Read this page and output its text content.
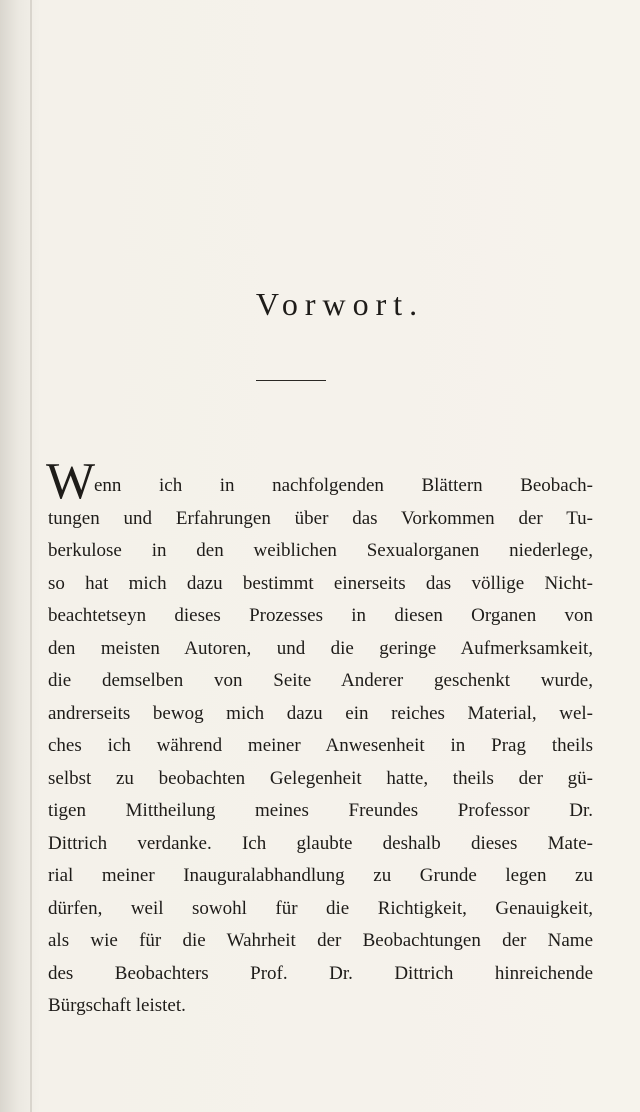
Vorwort.
W
enn ich in nachfolgenden Blättern Beobach-
tungen und Erfahrungen über das Vorkommen der Tu-
berkulose in den weiblichen Sexualorganen niederlege,
so hat mich dazu bestimmt einerseits das völlige Nicht-
beachtetseyn dieses Prozesses in diesen Organen von
den meisten Autoren, und die geringe Aufmerksamkeit,
die demselben von Seite Anderer geschenkt wurde,
andrerseits bewog mich dazu ein reiches Material, wel-
ches ich während meiner Anwesenheit in Prag theils
selbst zu beobachten Gelegenheit hatte, theils der gü-
tigen Mittheilung meines Freundes Professor Dr.
Dittrich verdanke. Ich glaubte deshalb dieses Mate-
rial meiner Inauguralabhandlung zu Grunde legen zu
dürfen, weil sowohl für die Richtigkeit, Genauigkeit,
als wie für die Wahrheit der Beobachtungen der Name
des Beobachters Prof. Dr. Dittrich hinreichende
Bürgschaft leistet.
